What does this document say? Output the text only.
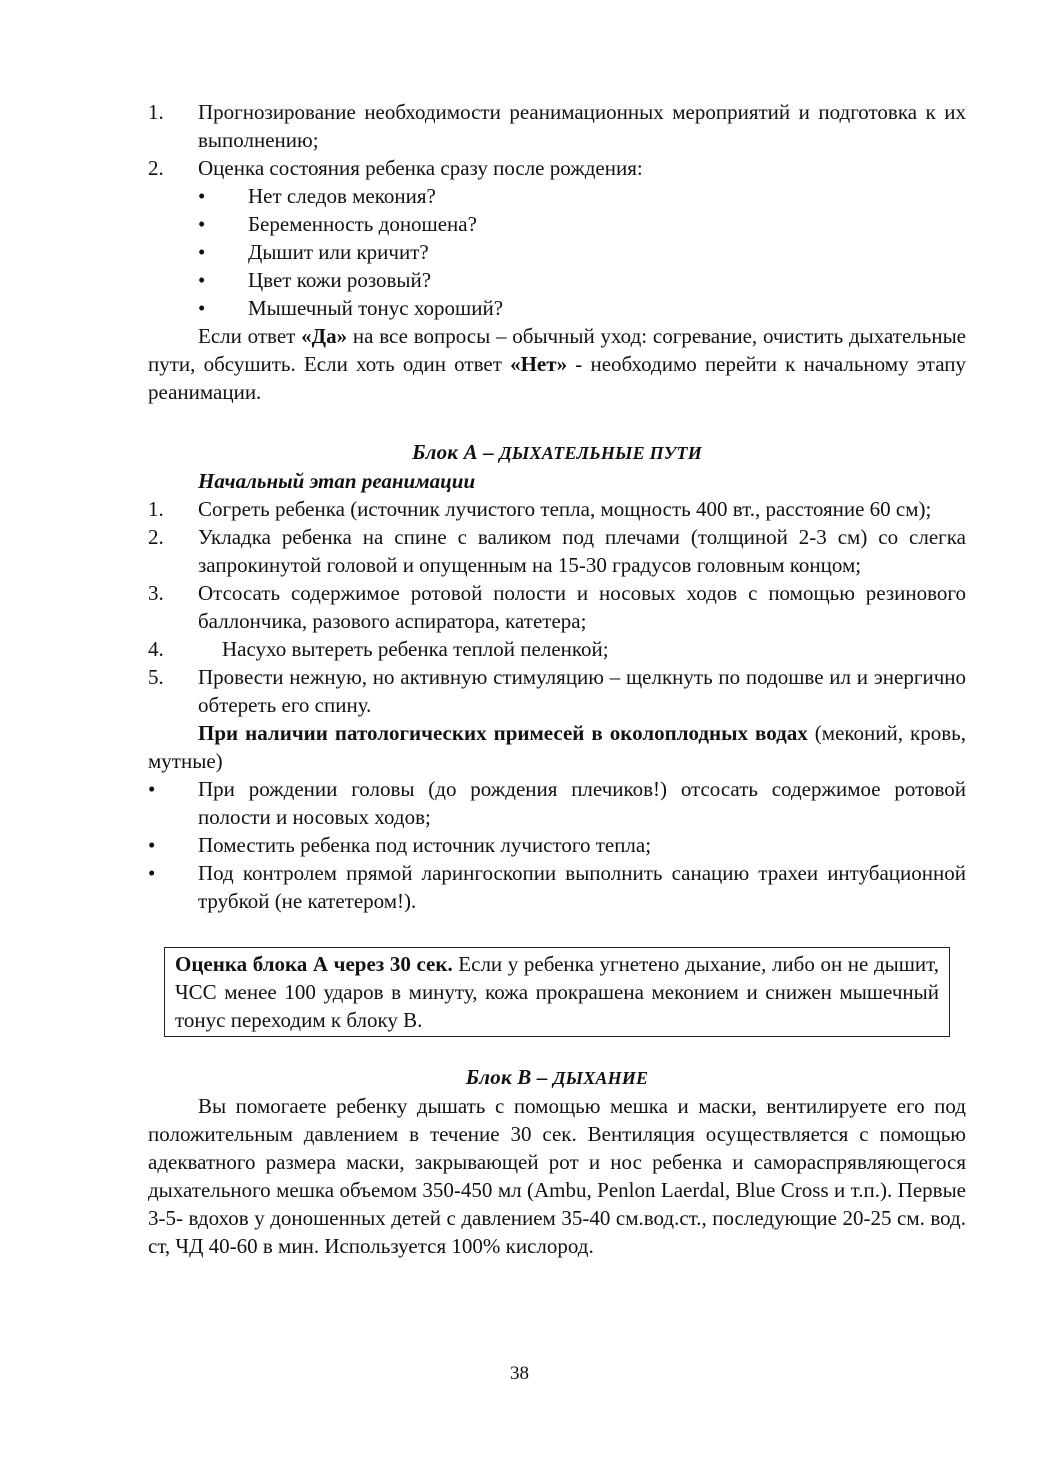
1. Прогнозирование необходимости реанимационных мероприятий и подготовка к их выполнению;
2. Оценка состояния ребенка сразу после рождения:
• Нет следов мекония?
• Беременность доношена?
• Дышит или кричит?
• Цвет кожи розовый?
• Мышечный тонус хороший?
Если ответ «Да» на все вопросы – обычный уход: согревание, очистить дыхательные пути, обсушить. Если хоть один ответ «Нет» - необходимо перейти к начальному этапу реанимации.
Блок А – ДЫХАТЕЛЬНЫЕ ПУТИ
Начальный этап реанимации
1. Согреть ребенка (источник лучистого тепла, мощность 400 вт., расстояние 60 см);
2. Укладка ребенка на спине с валиком под плечами (толщиной 2-3 см) со слегка запрокинутой головой и опущенным на 15-30 градусов головным концом;
3. Отсосать содержимое ротовой полости и носовых ходов с помощью резинового баллончика, разового аспиратора, катетера;
4.	Насухо вытереть ребенка теплой пеленкой;
5. Провести нежную, но активную стимуляцию – щелкнуть по подошве ил и энергично обтереть его спину.
При наличии патологических примесей в околоплодных водах (меконий, кровь, мутные)
• При рождении головы (до рождения плечиков!) отсосать содержимое ротовой полости и носовых ходов;
• Поместить ребенка под источник лучистого тепла;
• Под контролем прямой ларингоскопии выполнить санацию трахеи интубационной трубкой (не катетером!).
Оценка блока А через 30 сек. Если у ребенка угнетено дыхание, либо он не дышит, ЧСС менее 100 ударов в минуту, кожа прокрашена меконием и снижен мышечный тонус переходим к блоку В.
Блок В – ДЫХАНИЕ
Вы помогаете ребенку дышать с помощью мешка и маски, вентилируете его под положительным давлением в течение 30 сек. Вентиляция осуществляется с помощью адекватного размера маски, закрывающей рот и нос ребенка и самораспрявляющегося дыхательного мешка объемом 350-450 мл (Ambu, Penlon Laerdal, Blue Cross и т.п.). Первые 3-5- вдохов у доношенных детей с давлением 35-40 см.вод.ст., последующие 20-25 см. вод. ст, ЧД 40-60 в мин. Используется 100% кислород.
38
